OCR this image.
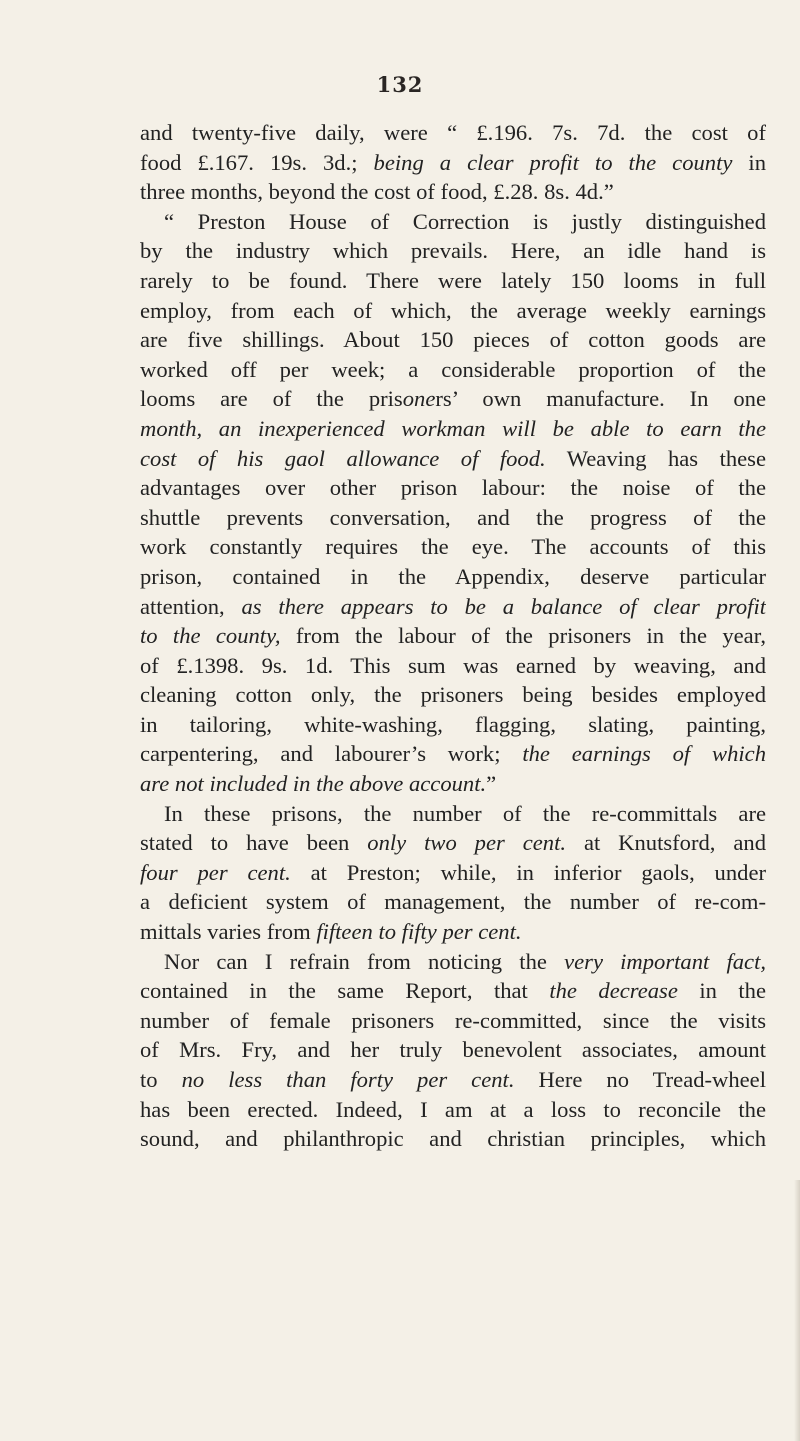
132
and twenty-five daily, were “ £.196. 7s. 7d. the cost of
food £.167. 19s. 3d.; being a clear profit to the county in
three months, beyond the cost of food, £.28. 8s. 4d.”
“ Preston House of Correction is justly distinguished
by the industry which prevails. Here, an idle hand is
rarely to be found. There were lately 150 looms in full
employ, from each of which, the average weekly earnings
are five shillings. About 150 pieces of cotton goods are
worked off per week; a considerable proportion of the
looms are of the prisoners’ own manufacture. In one
month, an inexperienced workman will be able to earn the
cost of his gaol allowance of food. Weaving has these
advantages over other prison labour: the noise of the
shuttle prevents conversation, and the progress of the
work constantly requires the eye. The accounts of this
prison, contained in the Appendix, deserve particular
attention, as there appears to be a balance of clear profit
to the county, from the labour of the prisoners in the year,
of £.1398. 9s. 1d. This sum was earned by weaving, and
cleaning cotton only, the prisoners being besides employed
in tailoring, white-washing, flagging, slating, painting,
carpentering, and labourer’s work; the earnings of which
are not included in the above account.”
In these prisons, the number of the re-committals are
stated to have been only two per cent. at Knutsford, and
four per cent. at Preston; while, in inferior gaols, under
a deficient system of management, the number of re-com-
mittals varies from fifteen to fifty per cent.
Nor can I refrain from noticing the very important fact,
contained in the same Report, that the decrease in the
number of female prisoners re-committed, since the visits
of Mrs. Fry, and her truly benevolent associates, amount
to no less than forty per cent. Here no Tread-wheel
has been erected. Indeed, I am at a loss to reconcile the
sound, and philanthropic and christian principles, which
